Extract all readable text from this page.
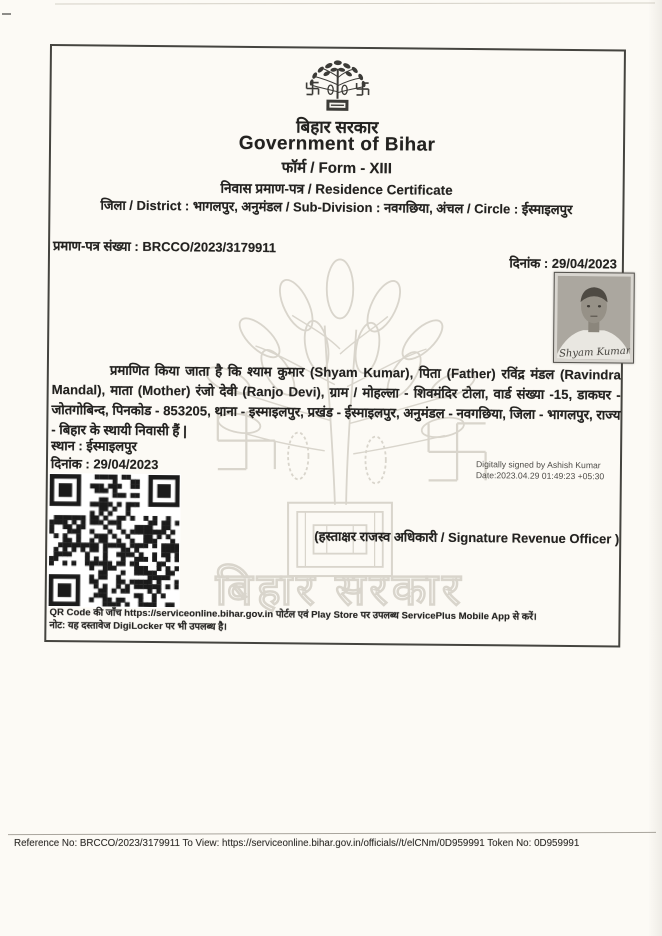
बिहार सरकार
बिहार सरकार
Government of Bihar
फॉर्म / Form - XIII
निवास प्रमाण-पत्र / Residence Certificate
जिला / District : भागलपुर, अनुमंडल / Sub-Division : नवगछिया, अंचल / Circle : ईस्माइलपुर
प्रमाण-पत्र संख्या : BRCCO/2023/3179911
दिनांक : 29/04/2023
Shyam Kumar
प्रमाणित किया जाता है कि श्याम कुमार (Shyam Kumar), पिता (Father) रविंद्र मंडल (Ravindra Mandal), माता (Mother) रंजो देवी (Ranjo Devi), ग्राम / मोहल्ला - शिवमंदिर टोला, वार्ड संख्या -15, डाकघर - जोतगोबिन्द, पिनकोड - 853205, थाना - इस्माइलपुर, प्रखंड - ईस्माइलपुर, अनुमंडल - नवगछिया, जिला - भागलपुर, राज्य - बिहार के स्थायी निवासी हैं |
स्थान : ईस्माइलपुर
दिनांक : 29/04/2023	Digitally signed by Ashish Kumar
Date:2023.04.29 01:49:23 +05:30
(हस्ताक्षर राजस्व अधिकारी / Signature Revenue Officer )
QR Code की जाँच https://serviceonline.bihar.gov.in पोर्टल एवं Play Store पर उपलब्ध ServicePlus Mobile App से करें।
नोट: यह दस्तावेज DigiLocker पर भी उपलब्ध है।
Reference No: BRCCO/2023/3179911 To View: https://serviceonline.bihar.gov.in/officials//t/elCNm/0D959991 Token No: 0D959991
